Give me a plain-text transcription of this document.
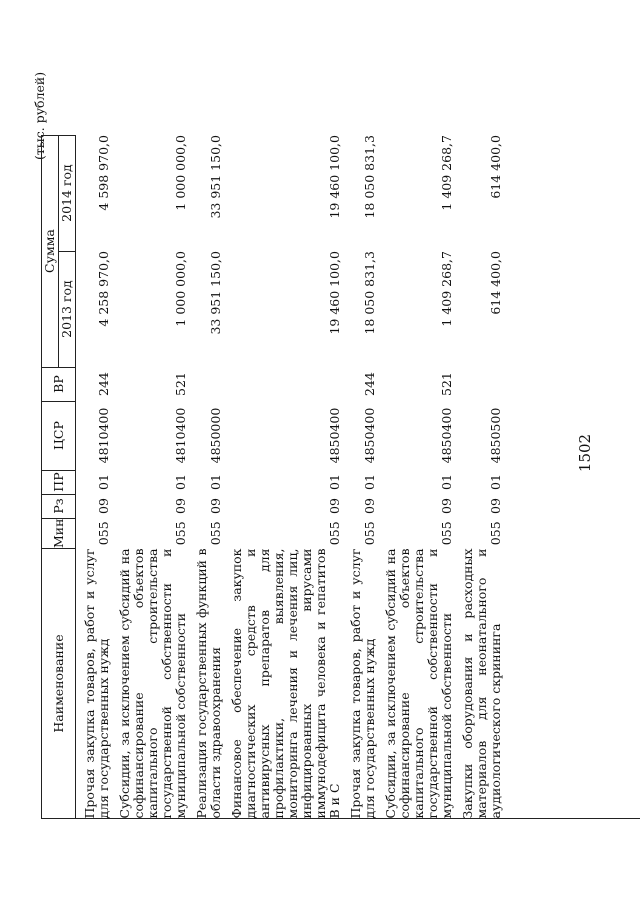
1502
(тыс. рублей)
Наименование	Мин	Рз	ПР	ЦСР	ВР	Сумма	
						2013 год	2014 год
Прочая закупка товаров, работ и услуг для государственных нужд	055	09	01	4810400	244	4 258 970,0	4 598 970,0
Субсидии, за исключением субсидий на софинансирование объектов капитального строительства государственной собственности и муниципальной собственности	055	09	01	4810400	521	1 000 000,0	1 000 000,0
Реализация государственных функций в области здравоохранения	055	09	01	4850000		33 951 150,0	33 951 150,0
Финансовое обеспечение закупок диагностических средств и антивирусных препаратов для профилактики, выявления, мониторинга лечения и лечения лиц, инфицированных вирусами иммунодефицита человека и гепатитов B и C	055	09	01	4850400		19 460 100,0	19 460 100,0
Прочая закупка товаров, работ и услуг для государственных нужд	055	09	01	4850400	244	18 050 831,3	18 050 831,3
Субсидии, за исключением субсидий на софинансирование объектов капитального строительства государственной собственности и муниципальной собственности	055	09	01	4850400	521	1 409 268,7	1 409 268,7
Закупки оборудования и расходных материалов для неонатального и аудиологического скрининга	055	09	01	4850500		614 400,0	614 400,0
